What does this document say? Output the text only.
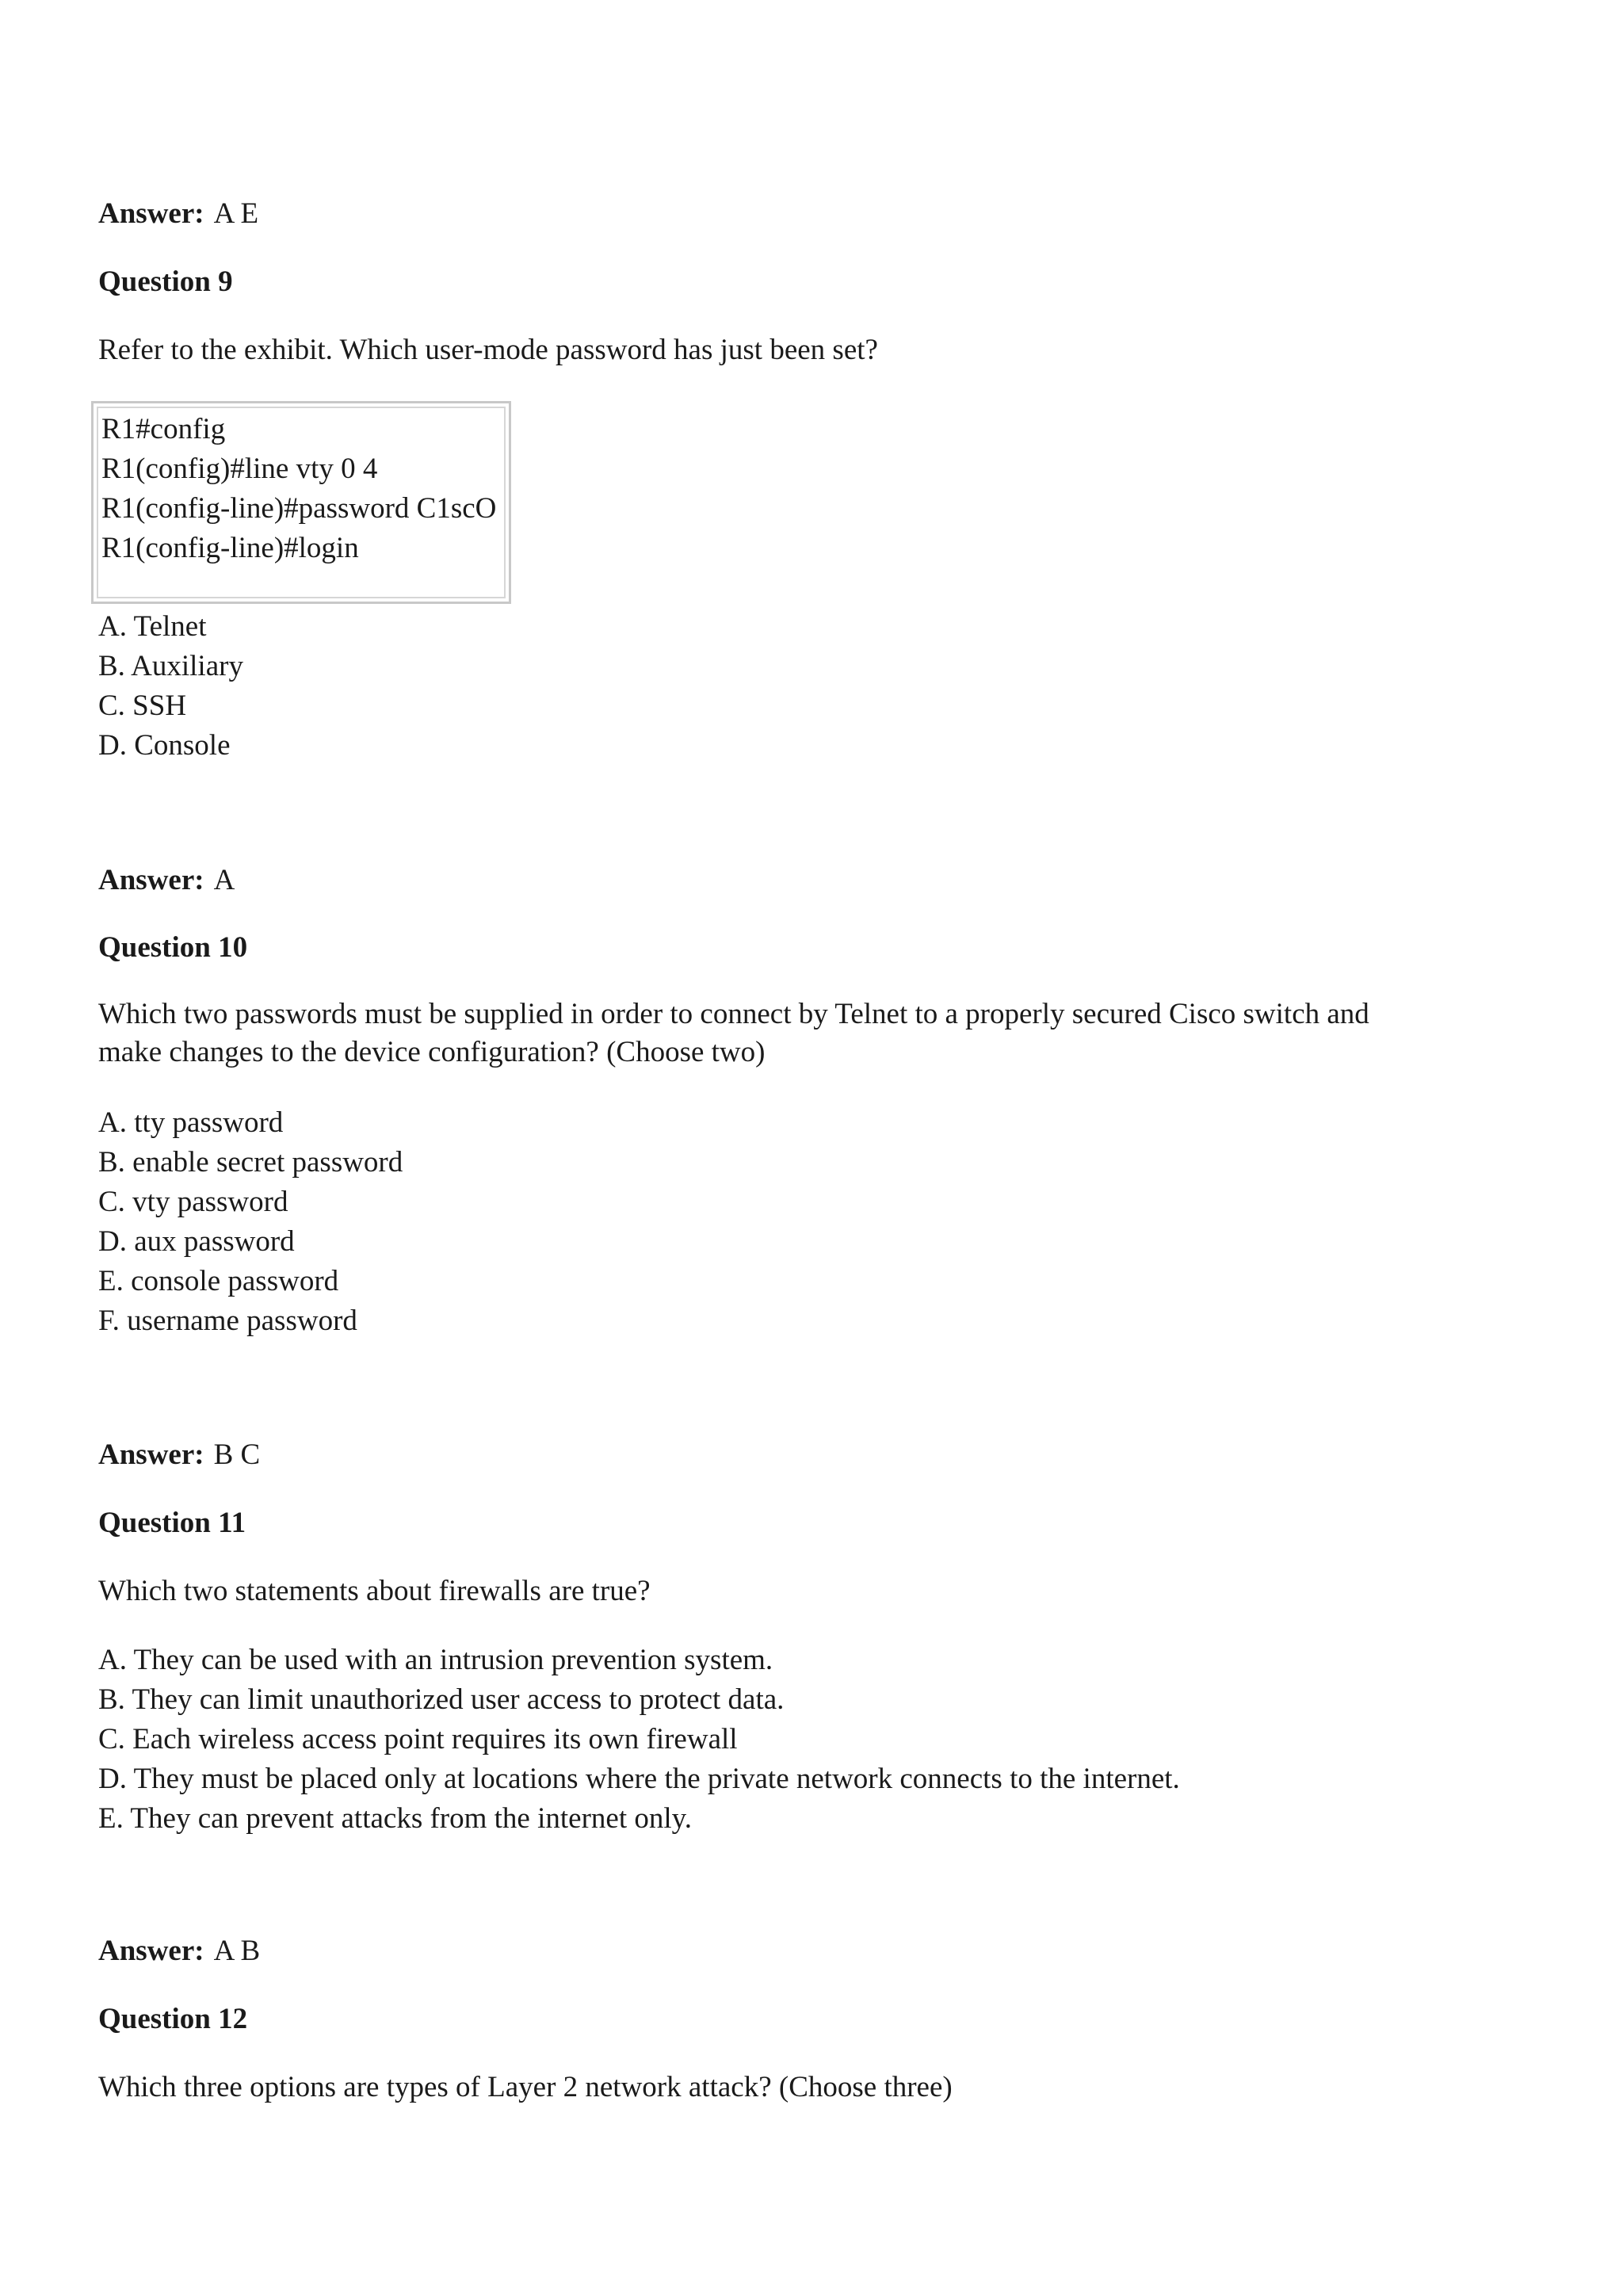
Answer: A E
Question 9
Refer to the exhibit. Which user-mode password has just been set?
R1#config
R1(config)#line vty 0 4
R1(config-line)#password C1scO
R1(config-line)#login
A. Telnet
B. Auxiliary
C. SSH
D. Console
Answer: A
Question 10
Which two passwords must be supplied in order to connect by Telnet to a properly secured Cisco switch and make changes to the device configuration? (Choose two)
A. tty password
B. enable secret password
C. vty password
D. aux password
E. console password
F. username password
Answer: B C
Question 11
Which two statements about firewalls are true?
A. They can be used with an intrusion prevention system.
B. They can limit unauthorized user access to protect data.
C. Each wireless access point requires its own firewall
D. They must be placed only at locations where the private network connects to the internet.
E. They can prevent attacks from the internet only.
Answer: A B
Question 12
Which three options are types of Layer 2 network attack? (Choose three)
